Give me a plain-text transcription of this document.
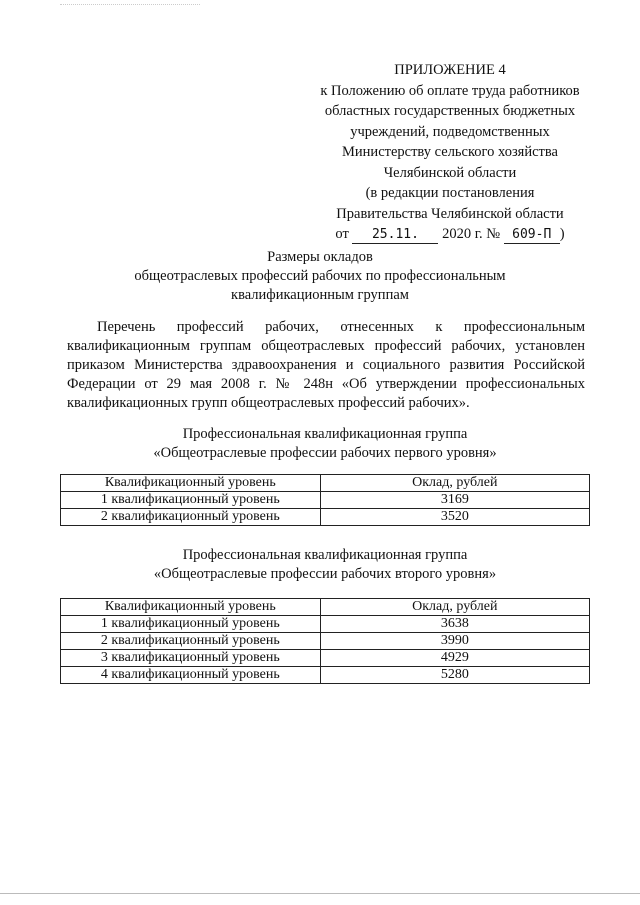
ПРИЛОЖЕНИЕ 4
к Положению об оплате труда работников
областных государственных бюджетных
учреждений, подведомственных
Министерству сельского хозяйства
Челябинской области
(в редакции постановления
Правительства Челябинской области
от 25.11. 2020 г. № 609-П )
Размеры окладов
общеотраслевых профессий рабочих по профессиональным
квалификационным группам

Перечень профессий рабочих, отнесенных к профессиональным квалификационным группам общеотраслевых профессий рабочих, установлен приказом Министерства здравоохранения и социального развития Российской Федерации от 29 мая 2008 г. № 248н «Об утверждении профессиональных квалификационных групп общеотраслевых профессий рабочих».

Профессиональная квалификационная группа
«Общеотраслевые профессии рабочих первого уровня»
Квалификационный уровень	Оклад, рублей
1 квалификационный уровень	3169
2 квалификационный уровень	3520
Профессиональная квалификационная группа
«Общеотраслевые профессии рабочих второго уровня»
Квалификационный уровень	Оклад, рублей
1 квалификационный уровень	3638
2 квалификационный уровень	3990
3 квалификационный уровень	4929
4 квалификационный уровень	5280
